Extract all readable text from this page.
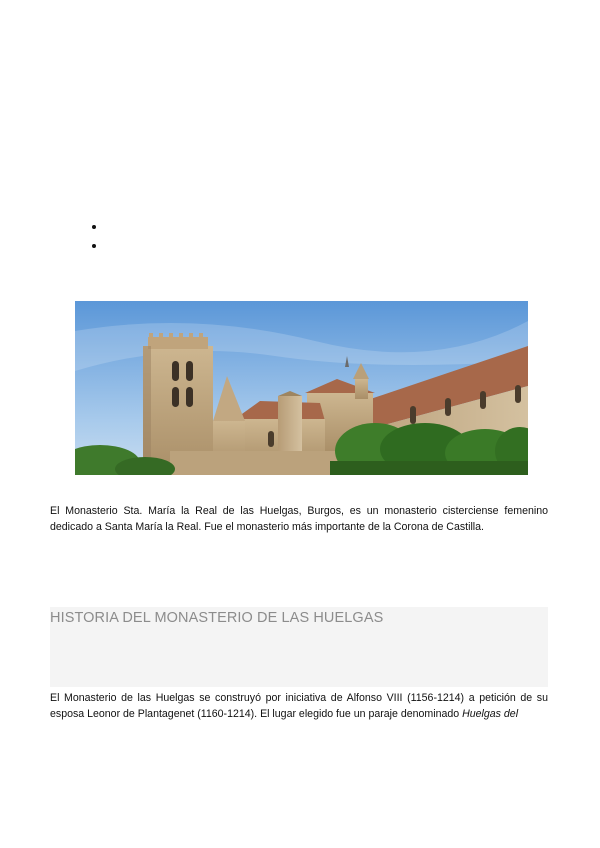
El Monasterio Sta. María la Real de las Huelgas, Burgos, es un monasterio cisterciense femenino dedicado a Santa María la Real. Fue el monasterio más importante de la Corona de Castilla.

HISTORIA DEL MONASTERIO DE LAS HUELGAS

El Monasterio de las Huelgas se construyó por iniciativa de Alfonso VIII (1156-1214) a petición de su esposa Leonor de Plantagenet (1160-1214). El lugar elegido fue un paraje denominado Huelgas del
